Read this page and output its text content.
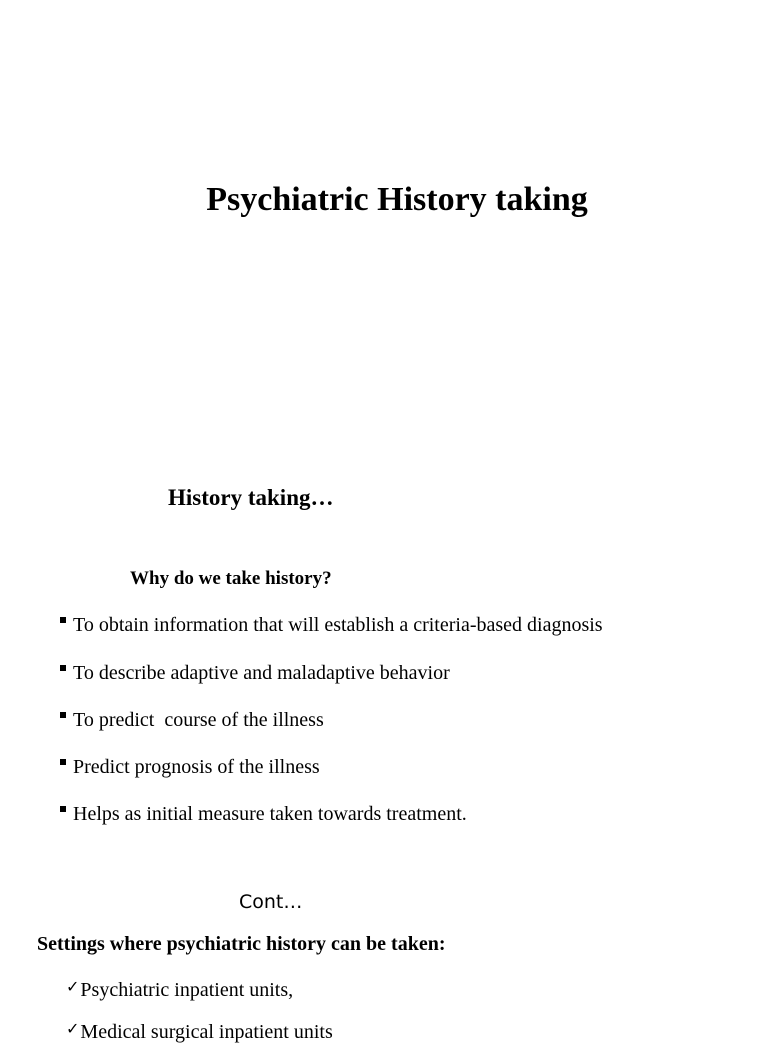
Psychiatric History taking
History taking…
Why do we take history?
To obtain information that will establish a criteria-based diagnosis
To describe adaptive and maladaptive behavior
To predict  course of the illness
Predict prognosis of the illness
Helps as initial measure taken towards treatment.
Cont…
Settings where psychiatric history can be taken:
✓Psychiatric inpatient units,
✓Medical surgical inpatient units
